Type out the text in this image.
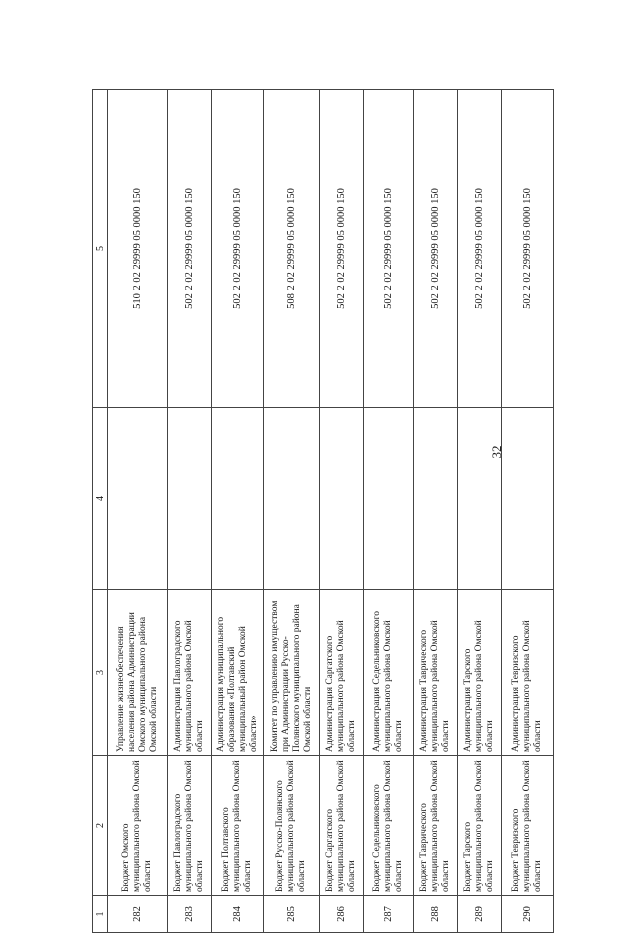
32
1	2	3	4	5
282	Бюджет Омского муниципального района Омской области	Управление жизнеобеспечения населения района Администрации Омского муниципального района Омской области		510 2 02 29999 05 0000 150
283	Бюджет Павлоградского муниципального района Омской области	Администрация Павлоградского муниципального района Омской области		502 2 02 29999 05 0000 150
284	Бюджет Полтавского муниципального района Омской области	Администрация муниципального образования «Полтавский муниципальный район Омской области»		502 2 02 29999 05 0000 150
285	Бюджет Русско-Полянского муниципального района Омской области	Комитет по управлению имуществом при Администрации Русско-Полянского муниципального района Омской области		508 2 02 29999 05 0000 150
286	Бюджет Саргатского муниципального района Омской области	Администрация Саргатского муниципального района Омской области		502 2 02 29999 05 0000 150
287	Бюджет Седельниковского муниципального района Омской области	Администрация Седельниковского муниципального района Омской области		502 2 02 29999 05 0000 150
288	Бюджет Таврического муниципального района Омской области	Администрация Таврического муниципального района Омской области		502 2 02 29999 05 0000 150
289	Бюджет Тарского муниципального района Омской области	Администрация Тарского муниципального района Омской области		502 2 02 29999 05 0000 150
290	Бюджет Тевризского муниципального района Омской области	Администрация Тевризского муниципального района Омской области		502 2 02 29999 05 0000 150
